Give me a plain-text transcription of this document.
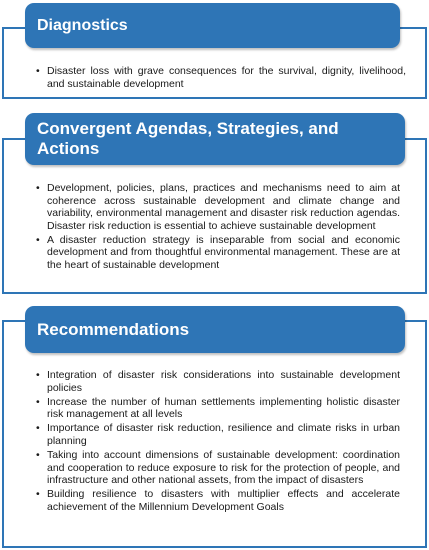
• Disaster loss with grave consequences for the survival, dignity, livelihood, and sustainable development
Diagnostics
• Development, policies, plans, practices and mechanisms need to aim at coherence across sustainable development and climate change and variability, environmental management and disaster risk reduction agendas. Disaster risk reduction is essential to achieve sustainable development
• A disaster reduction strategy is inseparable from social and economic development and from thoughtful environmental management. These are at the heart of sustainable development
Convergent Agendas, Strategies, and Actions
• Integration of disaster risk considerations into sustainable development policies
• Increase the number of human settlements implementing holistic disaster risk management at all levels
• Importance of disaster risk reduction, resilience and climate risks in urban planning
• Taking into account dimensions of sustainable development: coordination and cooperation to reduce exposure to risk for the protection of people, and infrastructure and other national assets, from the impact of disasters
• Building resilience to disasters with multiplier effects and accelerate achievement of the Millennium Development Goals
Recommendations
